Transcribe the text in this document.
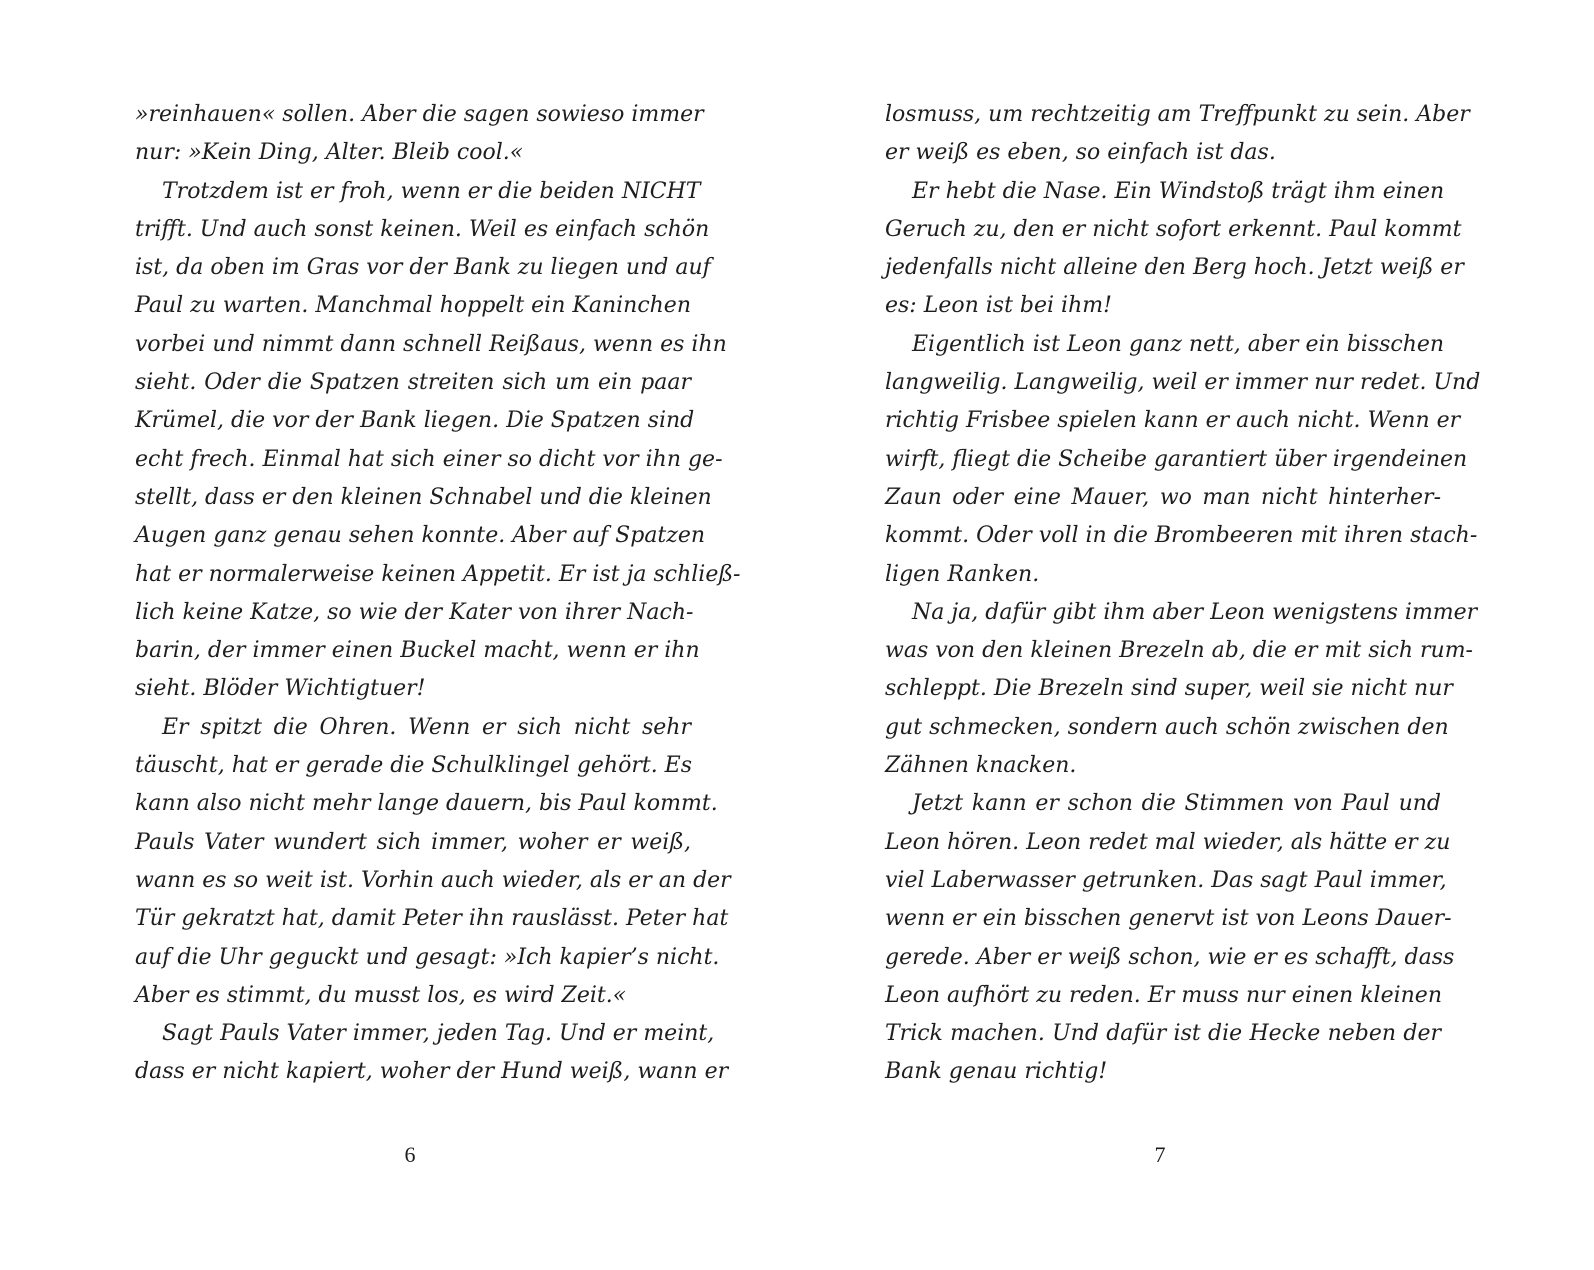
»reinhauen« sollen. Aber die sagen sowieso immer
nur: »Kein Ding, Alter. Bleib cool.«
Trotzdem ist er froh, wenn er die beiden NICHT
trifft. Und auch sonst keinen. Weil es einfach schön
ist, da oben im Gras vor der Bank zu liegen und auf
Paul zu warten. Manchmal hoppelt ein Kaninchen
vorbei und nimmt dann schnell Reißaus, wenn es ihn
sieht. Oder die Spatzen streiten sich um ein paar
Krümel, die vor der Bank liegen. Die Spatzen sind
echt frech. Einmal hat sich einer so dicht vor ihn ge-
stellt, dass er den kleinen Schnabel und die kleinen
Augen ganz genau sehen konnte. Aber auf Spatzen
hat er normalerweise keinen Appetit. Er ist ja schließ-
lich keine Katze, so wie der Kater von ihrer Nach-
barin, der immer einen Buckel macht, wenn er ihn
sieht. Blöder Wichtigtuer!
Er spitzt die Ohren. Wenn er sich nicht sehr
täuscht, hat er gerade die Schulklingel gehört. Es
kann also nicht mehr lange dauern, bis Paul kommt.
Pauls Vater wundert sich immer, woher er weiß,
wann es so weit ist. Vorhin auch wieder, als er an der
Tür gekratzt hat, damit Peter ihn rauslässt. Peter hat
auf die Uhr geguckt und gesagt: »Ich kapier’s nicht.
Aber es stimmt, du musst los, es wird Zeit.«
Sagt Pauls Vater immer, jeden Tag. Und er meint,
dass er nicht kapiert, woher der Hund weiß, wann er
6
losmuss, um rechtzeitig am Treffpunkt zu sein. Aber
er weiß es eben, so einfach ist das.
Er hebt die Nase. Ein Windstoß trägt ihm einen
Geruch zu, den er nicht sofort erkennt. Paul kommt
jedenfalls nicht alleine den Berg hoch. Jetzt weiß er
es: Leon ist bei ihm!
Eigentlich ist Leon ganz nett, aber ein bisschen
langweilig. Langweilig, weil er immer nur redet. Und
richtig Frisbee spielen kann er auch nicht. Wenn er
wirft, fliegt die Scheibe garantiert über irgendeinen
Zaun oder eine Mauer, wo man nicht hinterher-
kommt. Oder voll in die Brombeeren mit ihren stach-
ligen Ranken.
Na ja, dafür gibt ihm aber Leon wenigstens immer
was von den kleinen Brezeln ab, die er mit sich rum-
schleppt. Die Brezeln sind super, weil sie nicht nur
gut schmecken, sondern auch schön zwischen den
Zähnen knacken.
Jetzt kann er schon die Stimmen von Paul und
Leon hören. Leon redet mal wieder, als hätte er zu
viel Laberwasser getrunken. Das sagt Paul immer,
wenn er ein bisschen genervt ist von Leons Dauer-
gerede. Aber er weiß schon, wie er es schafft, dass
Leon aufhört zu reden. Er muss nur einen kleinen
Trick machen. Und dafür ist die Hecke neben der
Bank genau richtig!
7
